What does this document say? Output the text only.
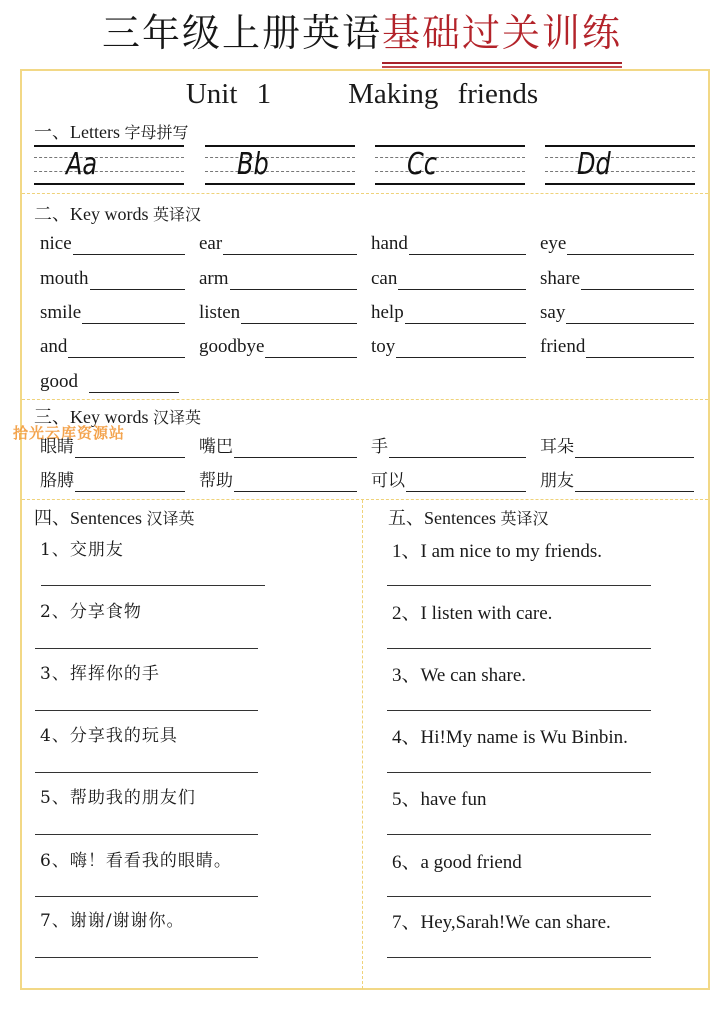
三年级上册英语基础过关训练
Unit 1    Making friends
一、Letters 字母拼写
Aa	Bb	Cc	Dd
二、Key words 英译汉
nice	ear	hand	eye
mouth	arm	can	share
smile	listen	help	say
and	goodbye	toy	friend
good
三、Key words 汉译英
拾光云库资源站
眼睛	嘴巴	手	耳朵
胳膊	帮助	可以	朋友
四、Sentences 汉译英
1、交朋友
2、分享食物
3、挥挥你的手
4、分享我的玩具
5、帮助我的朋友们
6、嗨！看看我的眼睛。
7、谢谢/谢谢你。
五、Sentences 英译汉
1、I am nice to my friends.
2、I listen with care.
3、We can share.
4、Hi!My name is Wu Binbin.
5、have fun
6、a good friend
7、Hey,Sarah!We can share.
